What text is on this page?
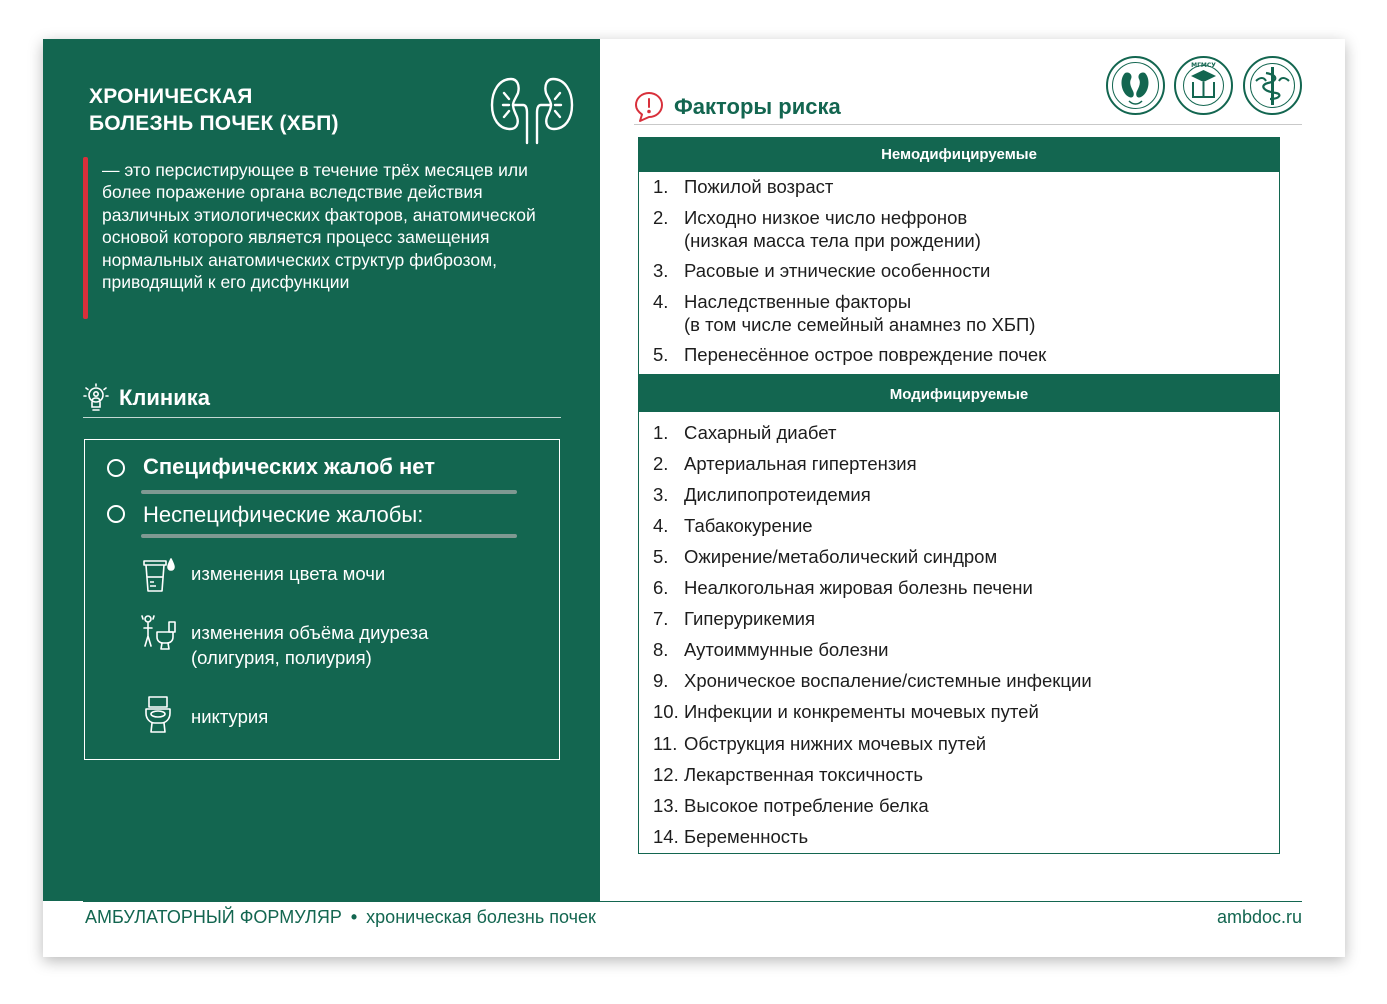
ХРОНИЧЕСКАЯ
БОЛЕЗНЬ ПОЧЕК (ХБП)
— это персистирующее в течение трёх месяцев или более поражение органа вследствие действия различных этиологических факторов, анатомической основой которого является процесс замещения нормальных анатомических структур фиброзом, приводящий к его дисфункции
Клиника
Специфических жалоб нет
Неспецифические жалобы:
изменения цвета мочи
изменения объёма диуреза
(олигурия, полиурия)
никтурия
Факторы риска
МГМСУ
Немодифицируемые
1. Пожилой возраст
2. Исходно низкое число нефронов
(низкая масса тела при рождении)
3. Расовые и этнические особенности
4. Наследственные факторы
(в том числе семейный анамнез по ХБП)
5. Перенесённое острое повреждение почек
Модифицируемые
1. Сахарный диабет
2. Артериальная гипертензия
3. Дислипопротеидемия
4. Табакокурение
5. Ожирение/метаболический синдром
6. Неалкогольная жировая болезнь печени
7. Гиперурикемия
8. Аутоиммунные болезни
9. Хроническое воспаление/системные инфекции
10. Инфекции и конкременты мочевых путей
11. Обструкция нижних мочевых путей
12. Лекарственная токсичность
13. Высокое потребление белка
14. Беременность
АМБУЛАТОРНЫЙ ФОРМУЛЯР • хроническая болезнь почек	ambdoc.ru
